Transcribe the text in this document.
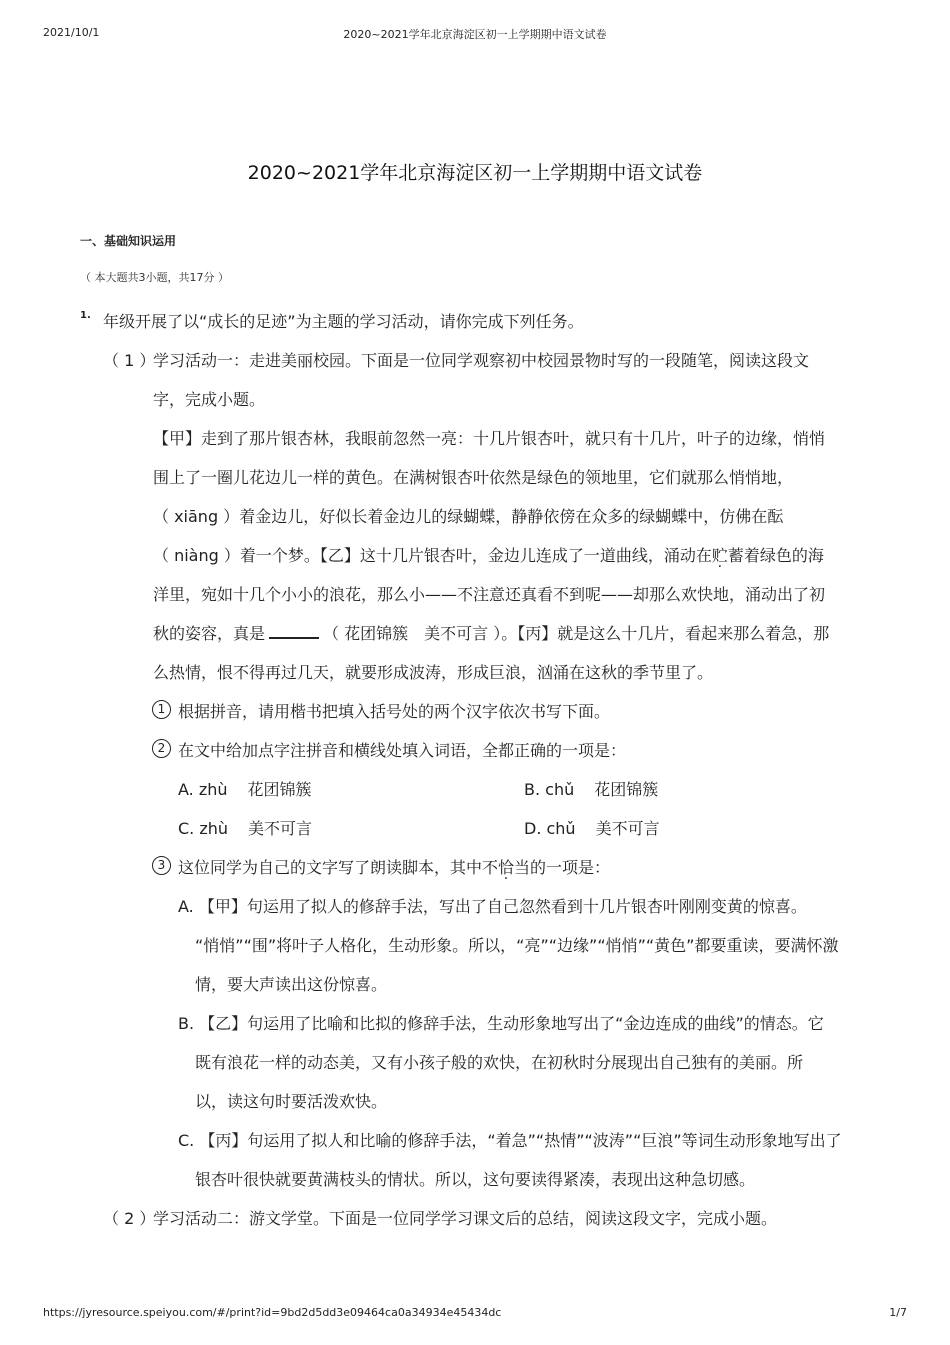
2021/10/1	2020~2021学年北京海淀区初一上学期期中语文试卷
2020~2021学年北京海淀区初一上学期期中语文试卷
一、基础知识运用
（ 本大题共3小题，共17分 ）
1. 年级开展了以“成长的足迹”为主题的学习活动，请你完成下列任务。
（ 1 ）
学习活动一：走进美丽校园。下面是一位同学观察初中校园景物时写的一段随笔，阅读这段文
字，完成小题。
【甲】走到了那片银杏林，我眼前忽然一亮：十几片银杏叶，就只有十几片，叶子的边缘，悄悄
围上了一圈儿花边儿一样的黄色。在满树银杏叶依然是绿色的领地里，它们就那么悄悄地，
（ xiāng ）着金边儿，好似长着金边儿的绿蝴蝶，静静依傍在众多的绿蝴蝶中，仿佛在酝
（ niàng ）着一个梦。【乙】这十几片银杏叶，金边儿连成了一道曲线，涌动在贮蓄着绿色的海
洋里，宛如十几个小小的浪花，那么小——不注意还真看不到呢——却那么欢快地，涌动出了初
秋的姿容，真是	（ 花团锦簇　美不可言 ）。【丙】就是这么十几片，看起来那么着急，那
么热情，恨不得再过几天，就要形成波涛，形成巨浪，汹涌在这秋的季节里了。
1 根据拼音，请用楷书把填入括号处的两个汉字依次书写下面。
2 在文中给加点字注拼音和横线处填入词语，全都正确的一项是：
A. zhù 花团锦簇	B. chǔ 花团锦簇
C. zhù 美不可言	D. chǔ 美不可言
3 这位同学为自己的文字写了朗读脚本，其中不恰当的一项是：
A. 【甲】句运用了拟人的修辞手法，写出了自己忽然看到十几片银杏叶刚刚变黄的惊喜。
“悄悄”“围”将叶子人格化，生动形象。所以，“亮”“边缘”“悄悄”“黄色”都要重读，要满怀激
情，要大声读出这份惊喜。
B. 【乙】句运用了比喻和比拟的修辞手法，生动形象地写出了“金边连成的曲线”的情态。它
既有浪花一样的动态美，又有小孩子般的欢快，在初秋时分展现出自己独有的美丽。所
以，读这句时要活泼欢快。
C. 【丙】句运用了拟人和比喻的修辞手法，“着急”“热情”“波涛”“巨浪”等词生动形象地写出了
银杏叶很快就要黄满枝头的情状。所以，这句要读得紧凑，表现出这种急切感。
（ 2 ）
学习活动二：游文学堂。下面是一位同学学习课文后的总结，阅读这段文字，完成小题。
https://jyresource.speiyou.com/#/print?id=9bd2d5dd3e09464ca0a34934e45434dc	1/7
